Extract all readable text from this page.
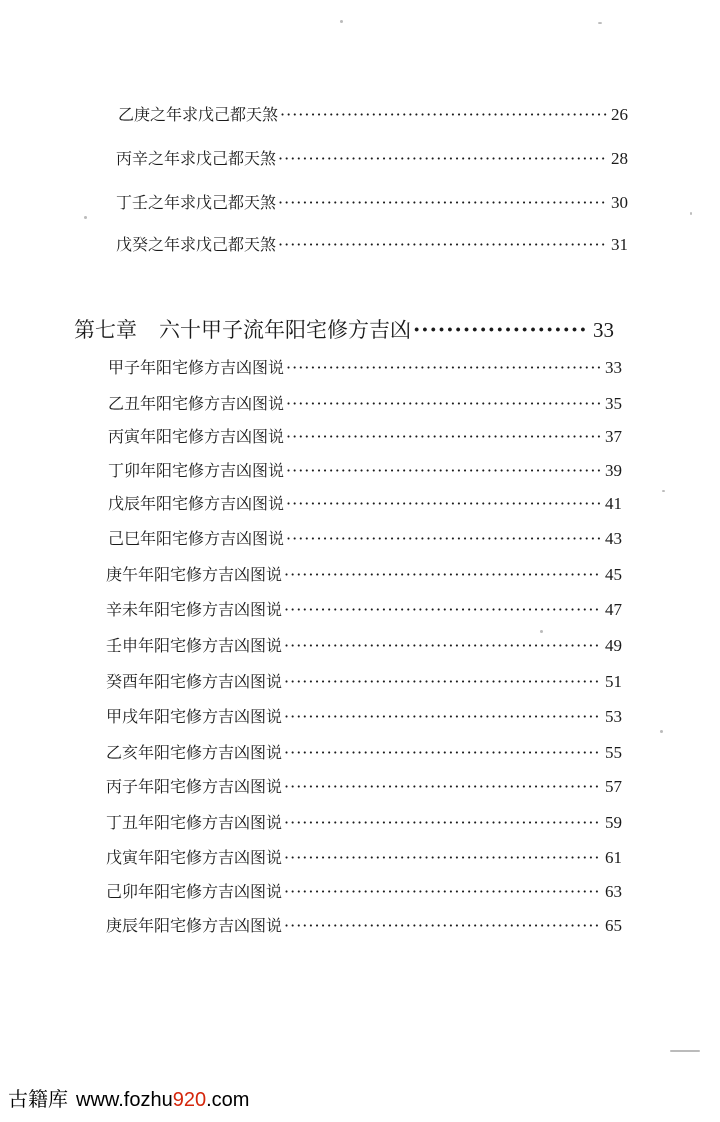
乙庚之年求戊己都天煞 ·····	26
丙辛之年求戊己都天煞 ·····	28
丁壬之年求戊己都天煞 ·····	30
戊癸之年求戊己都天煞 ·····	31
第七章 六十甲子流年阳宅修方吉凶 ·····	33
甲子年阳宅修方吉凶图说 ·····	33
乙丑年阳宅修方吉凶图说 ·····	35
丙寅年阳宅修方吉凶图说 ·····	37
丁卯年阳宅修方吉凶图说 ·····	39
戊辰年阳宅修方吉凶图说 ·····	41
己巳年阳宅修方吉凶图说 ·····	43
庚午年阳宅修方吉凶图说 ·····	45
辛未年阳宅修方吉凶图说 ·····	47
壬申年阳宅修方吉凶图说 ·····	49
癸酉年阳宅修方吉凶图说 ·····	51
甲戌年阳宅修方吉凶图说 ·····	53
乙亥年阳宅修方吉凶图说 ·····	55
丙子年阳宅修方吉凶图说 ·····	57
丁丑年阳宅修方吉凶图说 ·····	59
戊寅年阳宅修方吉凶图说 ·····	61
己卯年阳宅修方吉凶图说 ·····	63
庚辰年阳宅修方吉凶图说 ·····	65
古籍库 www.fozhu920.com
